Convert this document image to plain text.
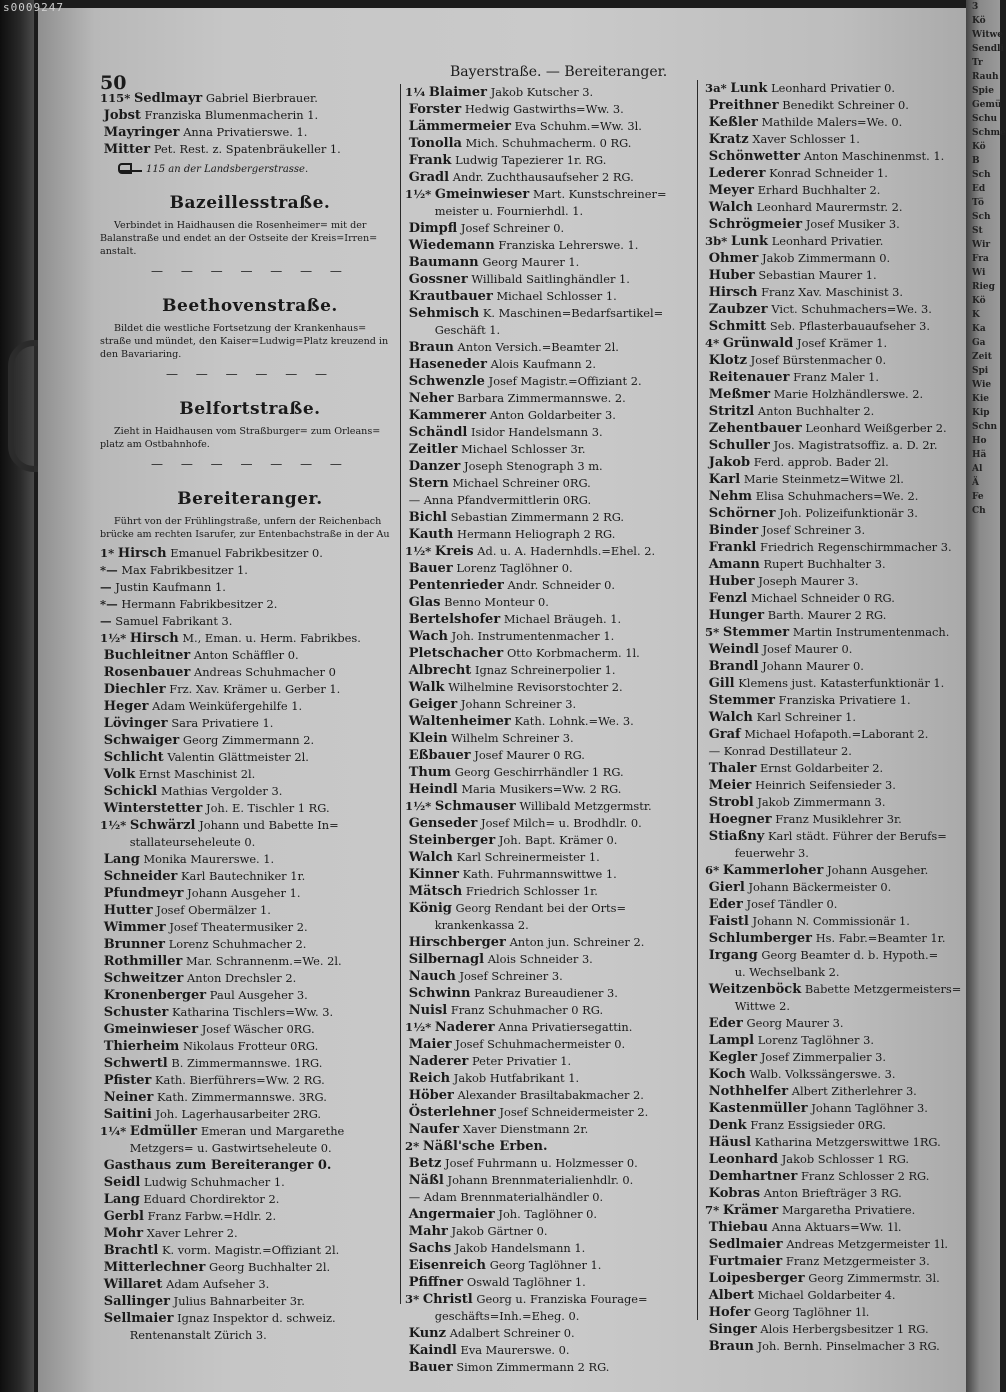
3
Kö
Witwe
Sendli
Tr
Rauh
Spie
Gemü
Schu
Schme
Kö
B
Sch
Ed
Tö
Sch
St
Wir
Fra
Wi
Rieg
Kö
K
Ka
Ga
Zeit
Spi
Wie
Kie
Kip
Schn
Ho
Hä
Al
Ä
Fe
Ch
s0009247
50	Bayerstraße. — Bereiteranger.
115* Sedlmayr Gabriel Bierbrauer.
Jobst Franziska Blumenmacherin 1.
Mayringer Anna Privatierswe. 1.
Mitter Pet. Rest. z. Spatenbräukeller 1.
115 an der Landsbergerstrasse.
Bazeillesstraße.
Verbindet in Haidhausen die Rosenheimer= mit der Balanstraße und endet an der Ostseite der Kreis=Irren= anstalt.
— — — — — — —
Beethovenstraße.
Bildet die westliche Fortsetzung der Krankenhaus= straße und mündet, den Kaiser=Ludwig=Platz kreuzend in den Bavariaring.
— — — — — —
Belfortstraße.
Zieht in Haidhausen vom Straßburger= zum Orleans= platz am Ostbahnhofe.
— — — — — — —
Bereiteranger.
Führt von der Frühlingstraße, unfern der Reichenbach brücke am rechten Isarufer, zur Entenbachstraße in der Au
1* Hirsch Emanuel Fabrikbesitzer 0.
*— Max Fabrikbesitzer 1.
— Justin Kaufmann 1.
*— Hermann Fabrikbesitzer 2.
— Samuel Fabrikant 3.
1½* Hirsch M., Eman. u. Herm. Fabrikbes.
Buchleitner Anton Schäffler 0.
Rosenbauer Andreas Schuhmacher 0
Diechler Frz. Xav. Krämer u. Gerber 1.
Heger Adam Weinküfergehilfe 1.
Lövinger Sara Privatiere 1.
Schwaiger Georg Zimmermann 2.
Schlicht Valentin Glättmeister 2l.
Volk Ernst Maschinist 2l.
Schickl Mathias Vergolder 3.
Winterstetter Joh. E. Tischler 1 RG.
1½* Schwärzl Johann und Babette In=
stallateurseheleute 0.
Lang Monika Maurerswe. 1.
Schneider Karl Bautechniker 1r.
Pfundmeyr Johann Ausgeher 1.
Hutter Josef Obermälzer 1.
Wimmer Josef Theatermusiker 2.
Brunner Lorenz Schuhmacher 2.
Rothmiller Mar. Schrannenm.=We. 2l.
Schweitzer Anton Drechsler 2.
Kronenberger Paul Ausgeher 3.
Schuster Katharina Tischlers=Ww. 3.
Gmeinwieser Josef Wäscher 0RG.
Thierheim Nikolaus Frotteur 0RG.
Schwertl B. Zimmermannswe. 1RG.
Pfister Kath. Bierführers=Ww. 2 RG.
Neiner Kath. Zimmermannswe. 3RG.
Saitini Joh. Lagerhausarbeiter 2RG.
1¼* Edmüller Emeran und Margarethe
Metzgers= u. Gastwirtseheleute 0.
Gasthaus zum Bereiteranger 0.
Seidl Ludwig Schuhmacher 1.
Lang Eduard Chordirektor 2.
Gerbl Franz Farbw.=Hdlr. 2.
Mohr Xaver Lehrer 2.
Brachtl K. vorm. Magistr.=Offiziant 2l.
Mitterlechner Georg Buchhalter 2l.
Willaret Adam Aufseher 3.
Sallinger Julius Bahnarbeiter 3r.
Sellmaier Ignaz Inspektor d. schweiz.
Rentenanstalt Zürich 3.
1¼ Blaimer Jakob Kutscher 3.
Forster Hedwig Gastwirths=Ww. 3.
Lämmermeier Eva Schuhm.=Ww. 3l.
Tonolla Mich. Schuhmacherm. 0 RG.
Frank Ludwig Tapezierer 1r. RG.
Gradl Andr. Zuchthausaufseher 2 RG.
1½* Gmeinwieser Mart. Kunstschreiner=
meister u. Fournierhdl. 1.
Dimpfl Josef Schreiner 0.
Wiedemann Franziska Lehrerswe. 1.
Baumann Georg Maurer 1.
Gossner Willibald Saitlinghändler 1.
Krautbauer Michael Schlosser 1.
Sehmisch K. Maschinen=Bedarfsartikel=
Geschäft 1.
Braun Anton Versich.=Beamter 2l.
Haseneder Alois Kaufmann 2.
Schwenzle Josef Magistr.=Offiziant 2.
Neher Barbara Zimmermannswe. 2.
Kammerer Anton Goldarbeiter 3.
Schändl Isidor Handelsmann 3.
Zeitler Michael Schlosser 3r.
Danzer Joseph Stenograph 3 m.
Stern Michael Schreiner 0RG.
— Anna Pfandvermittlerin 0RG.
Bichl Sebastian Zimmermann 2 RG.
Kauth Hermann Heliograph 2 RG.
1½* Kreis Ad. u. A. Hadernhdls.=Ehel. 2.
Bauer Lorenz Taglöhner 0.
Pentenrieder Andr. Schneider 0.
Glas Benno Monteur 0.
Bertelshofer Michael Bräugeh. 1.
Wach Joh. Instrumentenmacher 1.
Pletschacher Otto Korbmacherm. 1l.
Albrecht Ignaz Schreinerpolier 1.
Walk Wilhelmine Revisorstochter 2.
Geiger Johann Schreiner 3.
Waltenheimer Kath. Lohnk.=We. 3.
Klein Wilhelm Schreiner 3.
Eßbauer Josef Maurer 0 RG.
Thum Georg Geschirrhändler 1 RG.
Heindl Maria Musikers=Ww. 2 RG.
1½* Schmauser Willibald Metzgermstr.
Genseder Josef Milch= u. Brodhdlr. 0.
Steinberger Joh. Bapt. Krämer 0.
Walch Karl Schreinermeister 1.
Kinner Kath. Fuhrmannswittwe 1.
Mätsch Friedrich Schlosser 1r.
König Georg Rendant bei der Orts=
krankenkassa 2.
Hirschberger Anton jun. Schreiner 2.
Silbernagl Alois Schneider 3.
Nauch Josef Schreiner 3.
Schwinn Pankraz Bureaudiener 3.
Nuisl Franz Schuhmacher 0 RG.
1½* Naderer Anna Privatiersegattin.
Maier Josef Schuhmachermeister 0.
Naderer Peter Privatier 1.
Reich Jakob Hutfabrikant 1.
Höber Alexander Brasiltabakmacher 2.
Österlehner Josef Schneidermeister 2.
Naufer Xaver Dienstmann 2r.
2* Näßl'sche Erben.
Betz Josef Fuhrmann u. Holzmesser 0.
Näßl Johann Brennmaterialienhdlr. 0.
— Adam Brennmaterialhändler 0.
Angermaier Joh. Taglöhner 0.
Mahr Jakob Gärtner 0.
Sachs Jakob Handelsmann 1.
Eisenreich Georg Taglöhner 1.
Pfiffner Oswald Taglöhner 1.
3* Christl Georg u. Franziska Fourage=
geschäfts=Inh.=Eheg. 0.
Kunz Adalbert Schreiner 0.
Kaindl Eva Maurerswe. 0.
Bauer Simon Zimmermann 2 RG.
3a* Lunk Leonhard Privatier 0.
Preithner Benedikt Schreiner 0.
Keßler Mathilde Malers=We. 0.
Kratz Xaver Schlosser 1.
Schönwetter Anton Maschinenmst. 1.
Lederer Konrad Schneider 1.
Meyer Erhard Buchhalter 2.
Walch Leonhard Maurermstr. 2.
Schrögmeier Josef Musiker 3.
3b* Lunk Leonhard Privatier.
Ohmer Jakob Zimmermann 0.
Huber Sebastian Maurer 1.
Hirsch Franz Xav. Maschinist 3.
Zaubzer Vict. Schuhmachers=We. 3.
Schmitt Seb. Pflasterbauaufseher 3.
4* Grünwald Josef Krämer 1.
Klotz Josef Bürstenmacher 0.
Reitenauer Franz Maler 1.
Meßmer Marie Holzhändlerswe. 2.
Stritzl Anton Buchhalter 2.
Zehentbauer Leonhard Weißgerber 2.
Schuller Jos. Magistratsoffiz. a. D. 2r.
Jakob Ferd. approb. Bader 2l.
Karl Marie Steinmetz=Witwe 2l.
Nehm Elisa Schuhmachers=We. 2.
Schörner Joh. Polizeifunktionär 3.
Binder Josef Schreiner 3.
Frankl Friedrich Regenschirmmacher 3.
Amann Rupert Buchhalter 3.
Huber Joseph Maurer 3.
Fenzl Michael Schneider 0 RG.
Hunger Barth. Maurer 2 RG.
5* Stemmer Martin Instrumentenmach.
Weindl Josef Maurer 0.
Brandl Johann Maurer 0.
Gill Klemens just. Katasterfunktionär 1.
Stemmer Franziska Privatiere 1.
Walch Karl Schreiner 1.
Graf Michael Hofapoth.=Laborant 2.
— Konrad Destillateur 2.
Thaler Ernst Goldarbeiter 2.
Meier Heinrich Seifensieder 3.
Strobl Jakob Zimmermann 3.
Hoegner Franz Musiklehrer 3r.
Stiaßny Karl städt. Führer der Berufs=
feuerwehr 3.
6* Kammerloher Johann Ausgeher.
Gierl Johann Bäckermeister 0.
Eder Josef Tändler 0.
Faistl Johann N. Commissionär 1.
Schlumberger Hs. Fabr.=Beamter 1r.
Irgang Georg Beamter d. b. Hypoth.=
u. Wechselbank 2.
Weitzenböck Babette Metzgermeisters=
Wittwe 2.
Eder Georg Maurer 3.
Lampl Lorenz Taglöhner 3.
Kegler Josef Zimmerpalier 3.
Koch Walb. Volkssängerswe. 3.
Nothhelfer Albert Zitherlehrer 3.
Kastenmüller Johann Taglöhner 3.
Denk Franz Essigsieder 0RG.
Häusl Katharina Metzgerswittwe 1RG.
Leonhard Jakob Schlosser 1 RG.
Demhartner Franz Schlosser 2 RG.
Kobras Anton Briefträger 3 RG.
7* Krämer Margaretha Privatiere.
Thiebau Anna Aktuars=Ww. 1l.
Sedlmaier Andreas Metzgermeister 1l.
Furtmaier Franz Metzgermeister 3.
Loipesberger Georg Zimmermstr. 3l.
Albert Michael Goldarbeiter 4.
Hofer Georg Taglöhner 1l.
Singer Alois Herbergsbesitzer 1 RG.
Braun Joh. Bernh. Pinselmacher 3 RG.
